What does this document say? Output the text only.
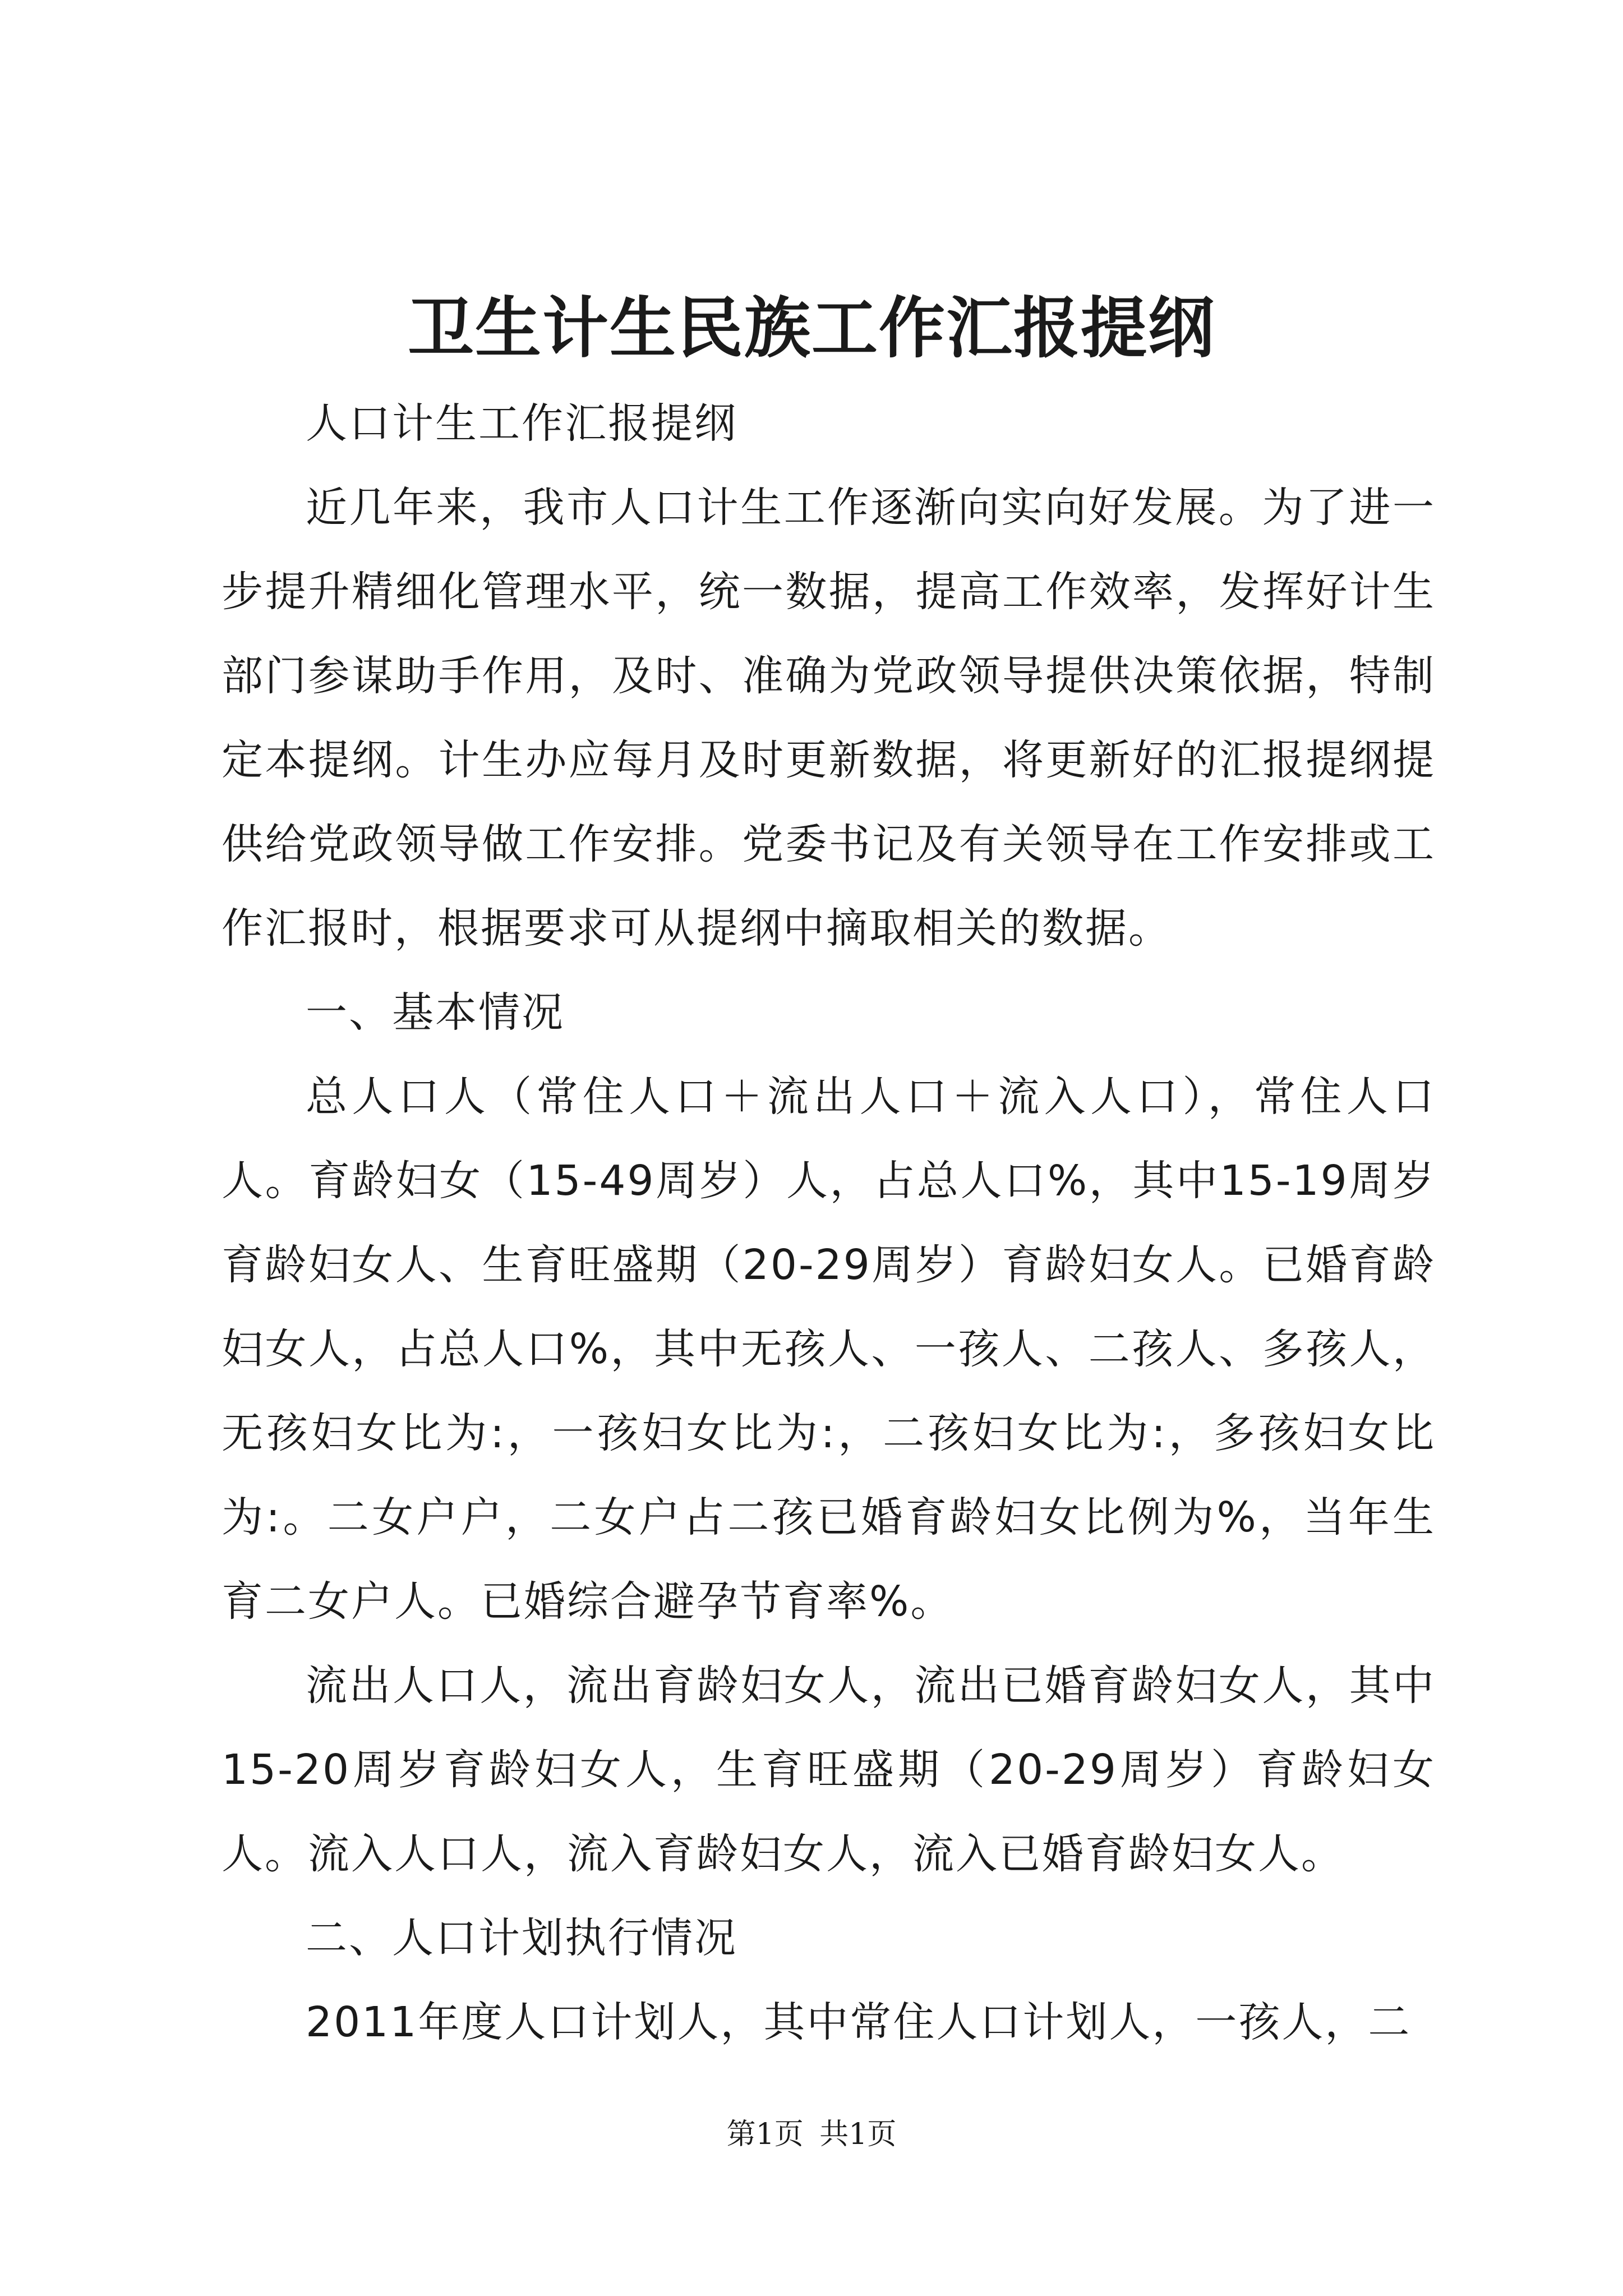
卫生计生民族工作汇报提纲

人口计生工作汇报提纲

近几年来，我市人口计生工作逐渐向实向好发展。为了进一步提升精细化管理水平，统一数据，提高工作效率，发挥好计生部门参谋助手作用，及时、准确为党政领导提供决策依据，特制定本提纲。计生办应每月及时更新数据，将更新好的汇报提纲提供给党政领导做工作安排。党委书记及有关领导在工作安排或工作汇报时，根据要求可从提纲中摘取相关的数据。

一、基本情况

总人口人（常住人口＋流出人口＋流入人口），常住人口人。育龄妇女（15-49周岁）人，占总人口%，其中15-19周岁育龄妇女人、生育旺盛期（20-29周岁）育龄妇女人。已婚育龄妇女人，占总人口%，其中无孩人、一孩人、二孩人、多孩人，无孩妇女比为:，一孩妇女比为:，二孩妇女比为:，多孩妇女比为:。二女户户，二女户占二孩已婚育龄妇女比例为%，当年生育二女户人。已婚综合避孕节育率%。

流出人口人，流出育龄妇女人，流出已婚育龄妇女人，其中15-20周岁育龄妇女人，生育旺盛期（20-29周岁）育龄妇女人。流入人口人，流入育龄妇女人，流入已婚育龄妇女人。

二、人口计划执行情况

2011年度人口计划人，其中常住人口计划人，一孩人，二

第1页 共1页
